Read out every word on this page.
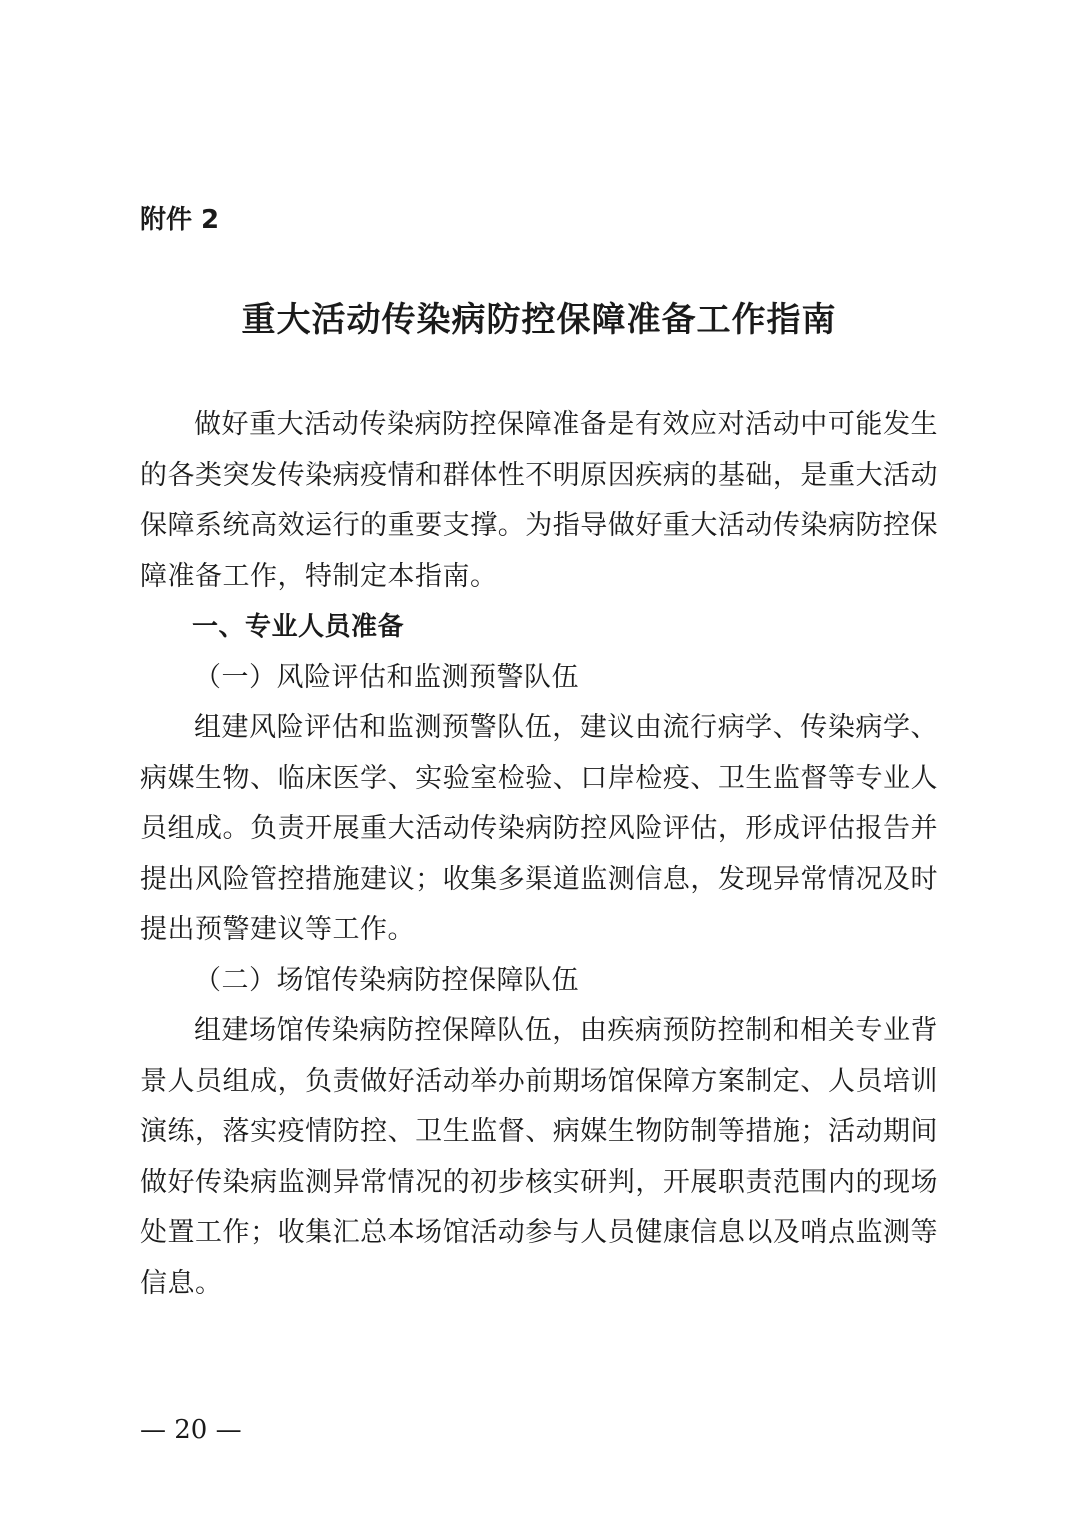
附件 2

重大活动传染病防控保障准备工作指南

做好重大活动传染病防控保障准备是有效应对活动中可能发生的各类突发传染病疫情和群体性不明原因疾病的基础，是重大活动保障系统高效运行的重要支撑。为指导做好重大活动传染病防控保障准备工作，特制定本指南。

一、专业人员准备
（一）风险评估和监测预警队伍

组建风险评估和监测预警队伍，建议由流行病学、传染病学、病媒生物、临床医学、实验室检验、口岸检疫、卫生监督等专业人员组成。负责开展重大活动传染病防控风险评估，形成评估报告并提出风险管控措施建议；收集多渠道监测信息，发现异常情况及时提出预警建议等工作。

（二）场馆传染病防控保障队伍

组建场馆传染病防控保障队伍，由疾病预防控制和相关专业背景人员组成，负责做好活动举办前期场馆保障方案制定、人员培训演练，落实疫情防控、卫生监督、病媒生物防制等措施；活动期间做好传染病监测异常情况的初步核实研判，开展职责范围内的现场处置工作；收集汇总本场馆活动参与人员健康信息以及哨点监测等信息。

— 20 —
